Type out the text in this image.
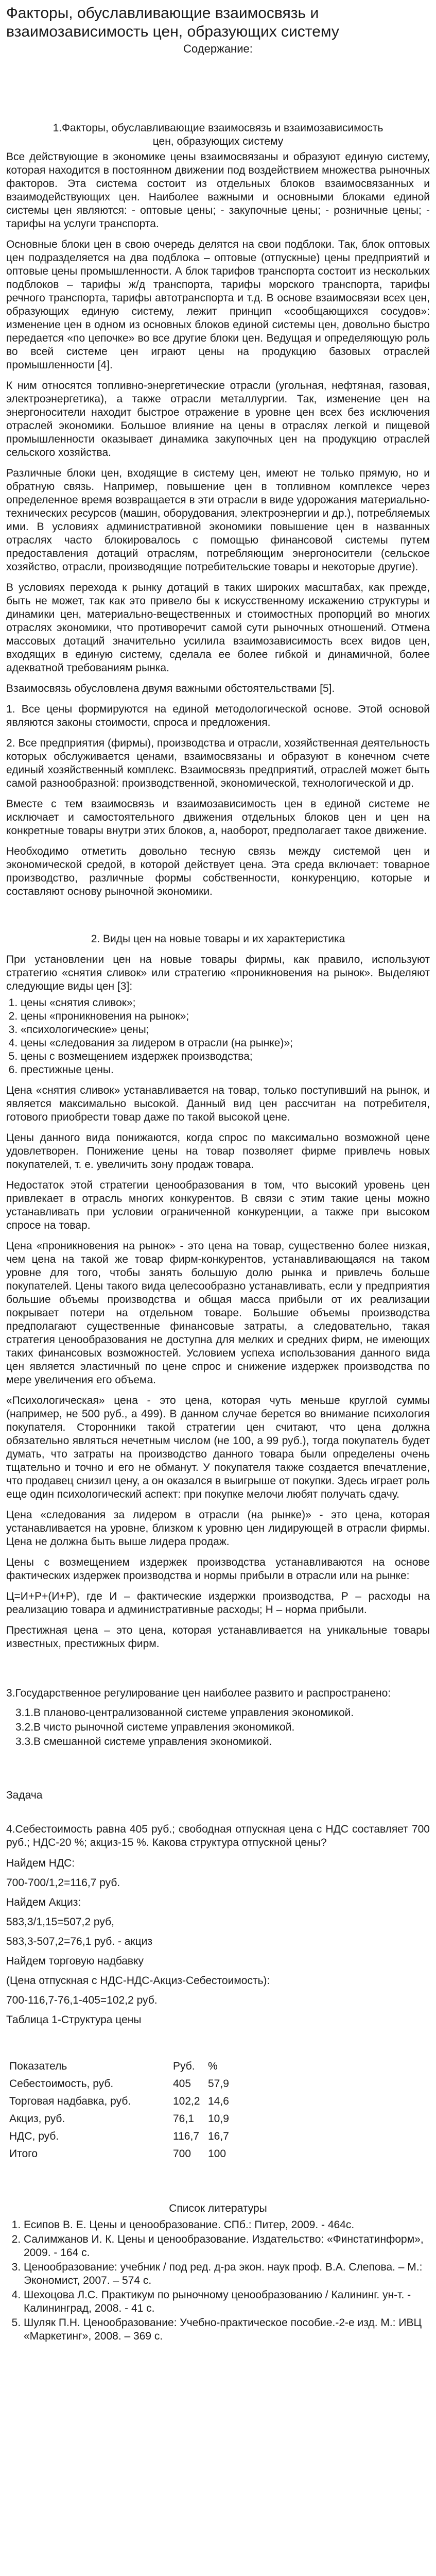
Факторы, обуславливающие взаимосвязь и взаимозависимость цен, образующих систему
Содержание:
1.Факторы, обуславливающие взаимосвязь и взаимозависимость цен, образующих систему

Все действующие в экономике цены взаимосвязаны и образуют единую систему, которая находится в постоянном движении под воздействием множества рыночных факторов. Эта система состоит из отдельных блоков взаимосвязанных и взаимодействующих цен. Наиболее важными и основными блоками единой системы цен являются: - оптовые цены; - закупочные цены; - розничные цены; - тарифы на услуги транспорта.

Основные блоки цен в свою очередь делятся на свои подблоки. Так, блок оптовых цен подразделяется на два подблока – оптовые (отпускные) цены предприятий и оптовые цены промышленности. А блок тарифов транспорта состоит из нескольких подблоков – тарифы ж/д транспорта, тарифы морского транспорта, тарифы речного транспорта, тарифы автотранспорта и т.д. В основе взаимосвязи всех цен, образующих единую систему, лежит принцип «сообщающихся сосудов»: изменение цен в одном из основных блоков единой системы цен, довольно быстро передается «по цепочке» во все другие блоки цен. Ведущая и определяющую роль во всей системе цен играют цены на продукцию базовых отраслей промышленности [4].

К ним относятся топливно-энергетические отрасли (угольная, нефтяная, газовая, электроэнергетика), а также отрасли металлургии. Так, изменение цен на энергоносители находит быстрое отражение в уровне цен всех без исключения отраслей экономики. Большое влияние на цены в отраслях легкой и пищевой промышленности оказывает динамика закупочных цен на продукцию отраслей сельского хозяйства.

Различные блоки цен, входящие в систему цен, имеют не только прямую, но и обратную связь. Например, повышение цен в топливном комплексе через определенное время возвращается в эти отрасли в виде удорожания материально-технических ресурсов (машин, оборудования, электроэнергии и др.), потребляемых ими. В условиях административной экономики повышение цен в названных отраслях часто блокировалось с помощью финансовой системы путем предоставления дотаций отраслям, потребляющим энергоносители (сельское хозяйство, отрасли, производящие потребительские товары и некоторые другие).

В условиях перехода к рынку дотаций в таких широких масштабах, как прежде, быть не может, так как это привело бы к искусственному искажению структуры и динамики цен, материально-вещественных и стоимостных пропорций во многих отраслях экономики, что противоречит самой сути рыночных отношений. Отмена массовых дотаций значительно усилила взаимозависимость всех видов цен, входящих в единую систему, сделала ее более гибкой и динамичной, более адекватной требованиям рынка.

Взаимосвязь обусловлена двумя важными обстоятельствами [5].

1. Все цены формируются на единой методологической основе. Этой основой являются законы стоимости, спроса и предложения.

2. Все предприятия (фирмы), производства и отрасли, хозяйственная деятельность которых обслуживается ценами, взаимосвязаны и образуют в конечном счете единый хозяйственный комплекс. Взаимосвязь предприятий, отраслей может быть самой разнообразной: производственной, экономической, технологической и др.

Вместе с тем взаимосвязь и взаимозависимость цен в единой системе не исключает и самостоятельного движения отдельных блоков цен и цен на конкретные товары внутри этих блоков, а, наоборот, предполагает такое движение.

Необходимо отметить довольно тесную связь между системой цен и экономической средой, в которой действует цена. Эта среда включает: товарное производство, различные формы собственности, конкуренцию, которые и составляют основу рыночной экономики.

2. Виды цен на новые товары и их характеристика

При установлении цен на новые товары фирмы, как правило, используют стратегию «снятия сливок» или стратегию «проникновения на рынок». Выделяют следующие виды цен [3]:

1. цены «снятия сливок»;
2. цены «проникновения на рынок»;
3. «психологические» цены;
4. цены «следования за лидером в отрасли (на рынке)»;
5. цены с возмещением издержек производства;
6. престижные цены.

Цена «снятия сливок» устанавливается на товар, только поступивший на рынок, и является максимально высокой. Данный вид цен рассчитан на потребителя, готового приобрести товар даже по такой высокой цене.

Цены данного вида понижаются, когда спрос по максимально возможной цене удовлетворен. Понижение цены на товар позволяет фирме привлечь новых покупателей, т. е. увеличить зону продаж товара.

Недостаток этой стратегии ценообразования в том, что высокий уровень цен привлекает в отрасль многих конкурентов. В связи с этим такие цены можно устанавливать при условии ограниченной конкуренции, а также при высоком спросе на товар.

Цена «проникновения на рынок» - это цена на товар, существенно более низкая, чем цена на такой же товар фирм-конкурентов, устанавливающаяся на таком уровне для того, чтобы занять большую долю рынка и привлечь больше покупателей. Цены такого вида целесообразно устанавливать, если у предприятия большие объемы производства и общая масса прибыли от их реализации покрывает потери на отдельном товаре. Большие объемы производства предполагают существенные финансовые затраты, а следовательно, такая стратегия ценообразования не доступна для мелких и средних фирм, не имеющих таких финансовых возможностей. Условием успеха использования данного вида цен является эластичный по цене спрос и снижение издержек производства по мере увеличения его объема.

«Психологическая» цена - это цена, которая чуть меньше круглой суммы (например, не 500 руб., а 499). В данном случае берется во внимание психология покупателя. Сторонники такой стратегии цен считают, что цена должна обязательно являться нечетным числом (не 100, а 99 руб.), тогда покупатель будет думать, что затраты на производство данного товара были определены очень тщательно и точно и его не обманут. У покупателя также создается впечатление, что продавец снизил цену, а он оказался в выигрыше от покупки. Здесь играет роль еще один психологический аспект: при покупке мелочи любят получать сдачу.

Цена «следования за лидером в отрасли (на рынке)» - это цена, которая устанавливается на уровне, близком к уровню цен лидирующей в отрасли фирмы. Цена не должна быть выше лидера продаж.

Цены с возмещением издержек производства устанавливаются на основе фактических издержек производства и нормы прибыли в отрасли или на рынке:

Ц=И+Р+(И+Р), где И – фактические издержки производства, Р – расходы на реализацию товара и административные расходы; Н – норма прибыли.

Престижная цена – это цена, которая устанавливается на уникальные товары известных, престижных фирм.

3.Государственное регулирование цен наиболее развито и распространено:
3.1.В планово-централизованной системе управления экономикой.
3.2.В чисто рыночной системе управления экономикой.
3.3.В смешанной системе управления экономикой.
Задача

4.Себестоимость равна 405 руб.; свободная отпускная цена с НДС составляет 700 руб.; НДС-20 %; акциз-15 %. Какова структура отпускной цены?

Найдем НДС:
700-700/1,2=116,7 руб.
Найдем Акциз:
583,3/1,15=507,2 руб,
583,3-507,2=76,1 руб. - акциз
Найдем торговую надбавку
(Цена отпускная с НДС-НДС-Акциз-Себестоимость):
700-116,7-76,1-405=102,2 руб.
Таблица 1-Структура цены
Показатель	Руб.	%
Себестоимость, руб.	405	57,9
Торговая надбавка, руб.	102,2	14,6
Акциз, руб.	76,1	10,9
НДС, руб.	116,7	16,7
Итого	700	100
Список литературы
1. Есипов В. Е. Цены и ценообразование. СПб.: Питер, 2009. - 464с.
2. Салимжанов И. К. Цены и ценообразование. Издательство: «Финстатинформ», 2009. - 164 с.
3. Ценообразование: учебник / под ред. д-ра экон. наук проф. В.А. Слепова. – М.: Экономист, 2007. – 574 с.
4. Шехоцова Л.С. Практикум по рыночному ценообразованию / Калининг. ун-т. - Калининград, 2008. - 41 с.
5. Шуляк П.Н. Ценообразование: Учебно-практическое пособие.-2-е изд. М.: ИВЦ «Маркетинг», 2008. – 369 с.
